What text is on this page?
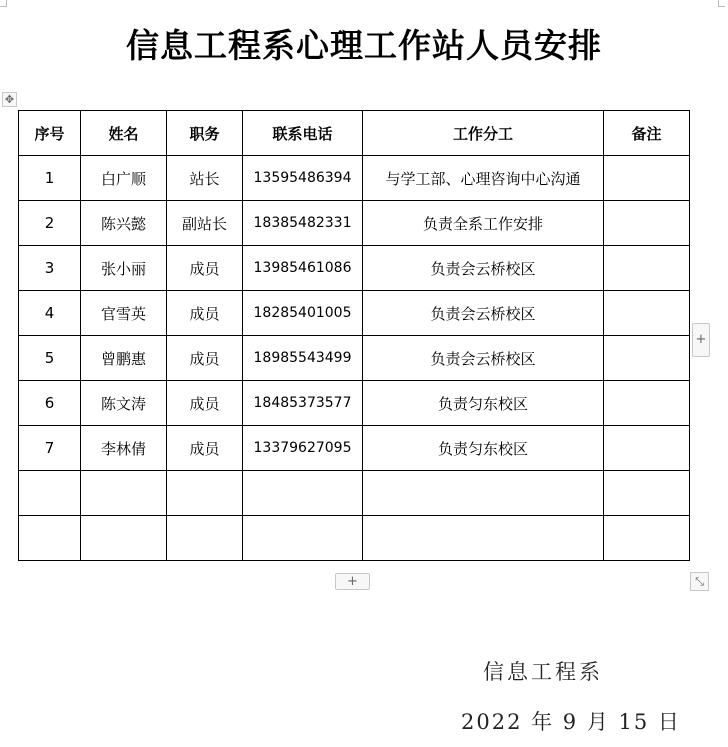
信息工程系心理工作站人员安排
✥
序号	姓名	职务	联系电话	工作分工	备注
1	白广顺	站长	13595486394	与学工部、心理咨询中心沟通	
2	陈兴懿	副站长	18385482331	负责全系工作安排	
3	张小丽	成员	13985461086	负责会云桥校区	
4	官雪英	成员	18285401005	负责会云桥校区	
5	曾鹏惠	成员	18985543499	负责会云桥校区	
6	陈文涛	成员	18485373577	负责匀东校区	
7	李林倩	成员	13379627095	负责匀东校区	

+
+	⤡
信息工程系
2022 年 9 月 15 日
